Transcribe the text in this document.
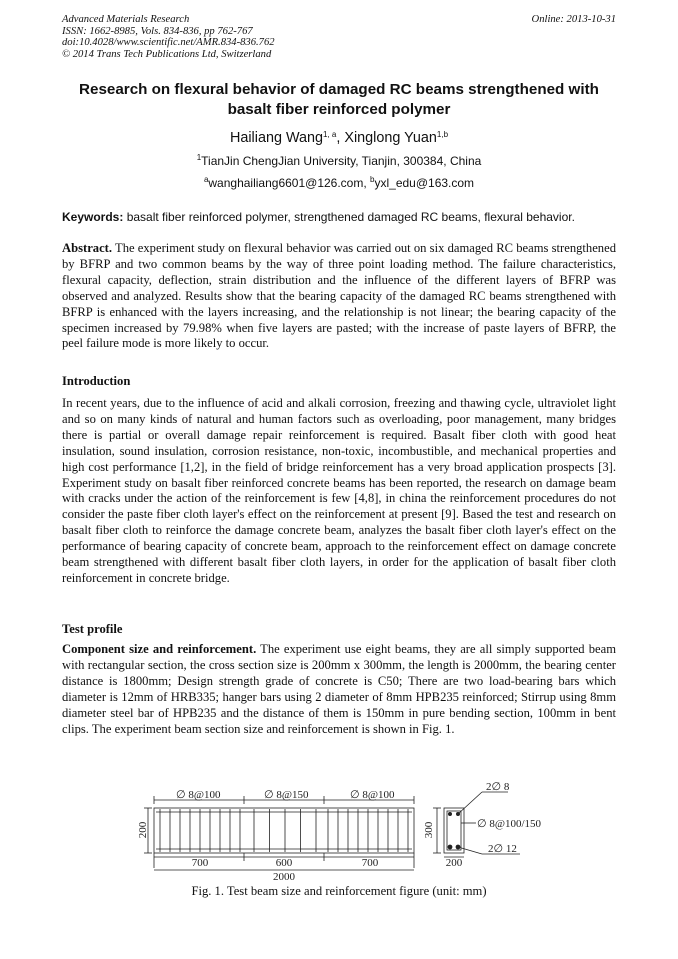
Advanced Materials Research
ISSN: 1662-8985, Vols. 834-836, pp 762-767
doi:10.4028/www.scientific.net/AMR.834-836.762
© 2014 Trans Tech Publications Ltd, Switzerland
Online: 2013-10-31
Research on flexural behavior of damaged RC beams strengthened with
basalt fiber reinforced polymer
Hailiang Wang$^{1, a}$, Xinglong Yuan$^{1,b}$
$^1$TianJin ChengJian University, Tianjin, 300384, China
$^a$wanghailiang6601@126.com, $^b$yxl_edu@163.com
Keywords: basalt fiber reinforced polymer, strengthened damaged RC beams, flexural behavior.

Abstract. The experiment study on flexural behavior was carried out on six damaged RC beams strengthened by BFRP and two common beams by the way of three point loading method. The failure characteristics, flexural capacity, deflection, strain distribution and the influence of the different layers of BFRP was observed and analyzed. Results show that the bearing capacity of the damaged RC beams strengthened with BFRP is enhanced with the layers increasing, and the relationship is not linear; the bearing capacity of the specimen increased by 79.98% when five layers are pasted; with the increase of paste layers of BFRP, the peel failure mode is more likely to occur.

Introduction

In recent years, due to the influence of acid and alkali corrosion, freezing and thawing cycle, ultraviolet light and so on many kinds of natural and human factors such as overloading, poor management, many bridges there is partial or overall damage repair reinforcement is required. Basalt fiber cloth with good heat insulation, sound insulation, corrosion resistance, non-toxic, incombustible, and mechanical properties and high cost performance [1,2], in the field of bridge reinforcement has a very broad application prospects [3]. Experiment study on basalt fiber reinforced concrete beams has been reported, the research on damage beam with cracks under the action of the reinforcement is few [4,8], in china the reinforcement procedures do not consider the paste fiber cloth layer's effect on the reinforcement at present [9]. Based the test and research on basalt fiber cloth to reinforce the damage concrete beam, analyzes the basalt fiber cloth layer's effect on the performance of bearing capacity of concrete beam, approach to the reinforcement effect on damage concrete beam strengthened with different basalt fiber cloth layers, in order for the application of basalt fiber cloth reinforcement in concrete bridge.

Test profile

Component size and reinforcement. The experiment use eight beams, they are all simply supported beam with rectangular section, the cross section size is 200mm x 300mm, the length is 2000mm, the bearing center distance is 1800mm; Design strength grade of concrete is C50; There are two load-bearing bars which diameter is 12mm of HRB335; hanger bars using 2 diameter of 8mm HPB235 reinforced; Stirrup using 8mm diameter steel bar of HPB235 and the distance of them is 150mm in pure bending section, 100mm in bent clips. The experiment beam section size and reinforcement is shown in Fig. 1.

∅ 8@100	∅ 8@150	∅ 8@100
200
700	600	700
2000
300
200
2∅ 8
∅ 8@100/150
2∅ 12
Fig. 1. Test beam size and reinforcement figure (unit: mm)
